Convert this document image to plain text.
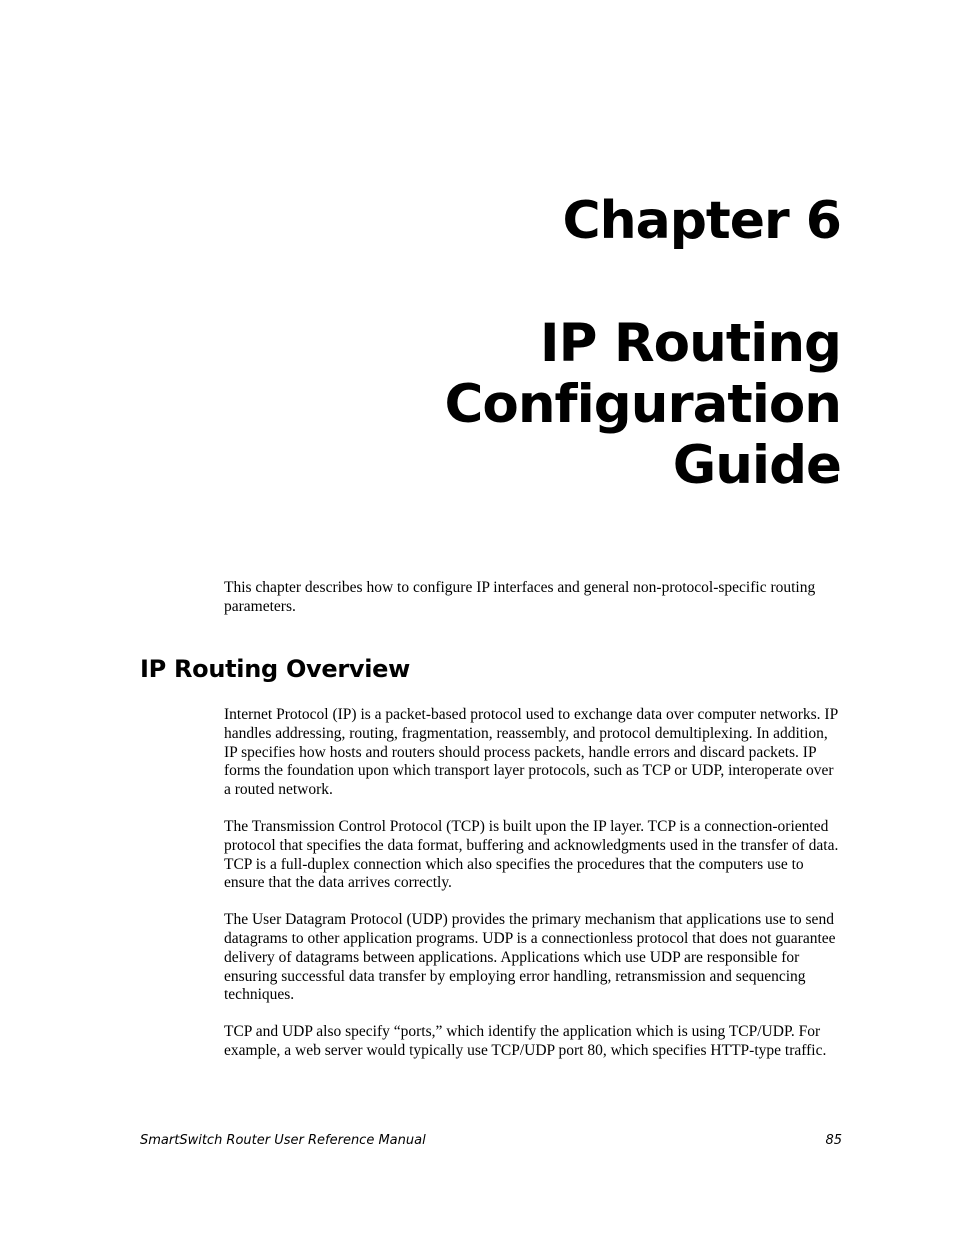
Chapter 6
IP Routing
Configuration
Guide

This chapter describes how to configure IP interfaces and general non-protocol-specific routing parameters.

IP Routing Overview

Internet Protocol (IP) is a packet-based protocol used to exchange data over computer networks. IP handles addressing, routing, fragmentation, reassembly, and protocol demultiplexing. In addition, IP specifies how hosts and routers should process packets, handle errors and discard packets. IP forms the foundation upon which transport layer protocols, such as TCP or UDP, interoperate over a routed network.

The Transmission Control Protocol (TCP) is built upon the IP layer. TCP is a connection-oriented protocol that specifies the data format, buffering and acknowledgments used in the transfer of data. TCP is a full-duplex connection which also specifies the procedures that the computers use to ensure that the data arrives correctly.

The User Datagram Protocol (UDP) provides the primary mechanism that applications use to send datagrams to other application programs. UDP is a connectionless protocol that does not guarantee delivery of datagrams between applications. Applications which use UDP are responsible for ensuring successful data transfer by employing error handling, retransmission and sequencing techniques.

TCP and UDP also specify “ports,” which identify the application which is using TCP/UDP. For example, a web server would typically use TCP/UDP port 80, which specifies HTTP-type traffic.

SmartSwitch Router User Reference Manual	85
